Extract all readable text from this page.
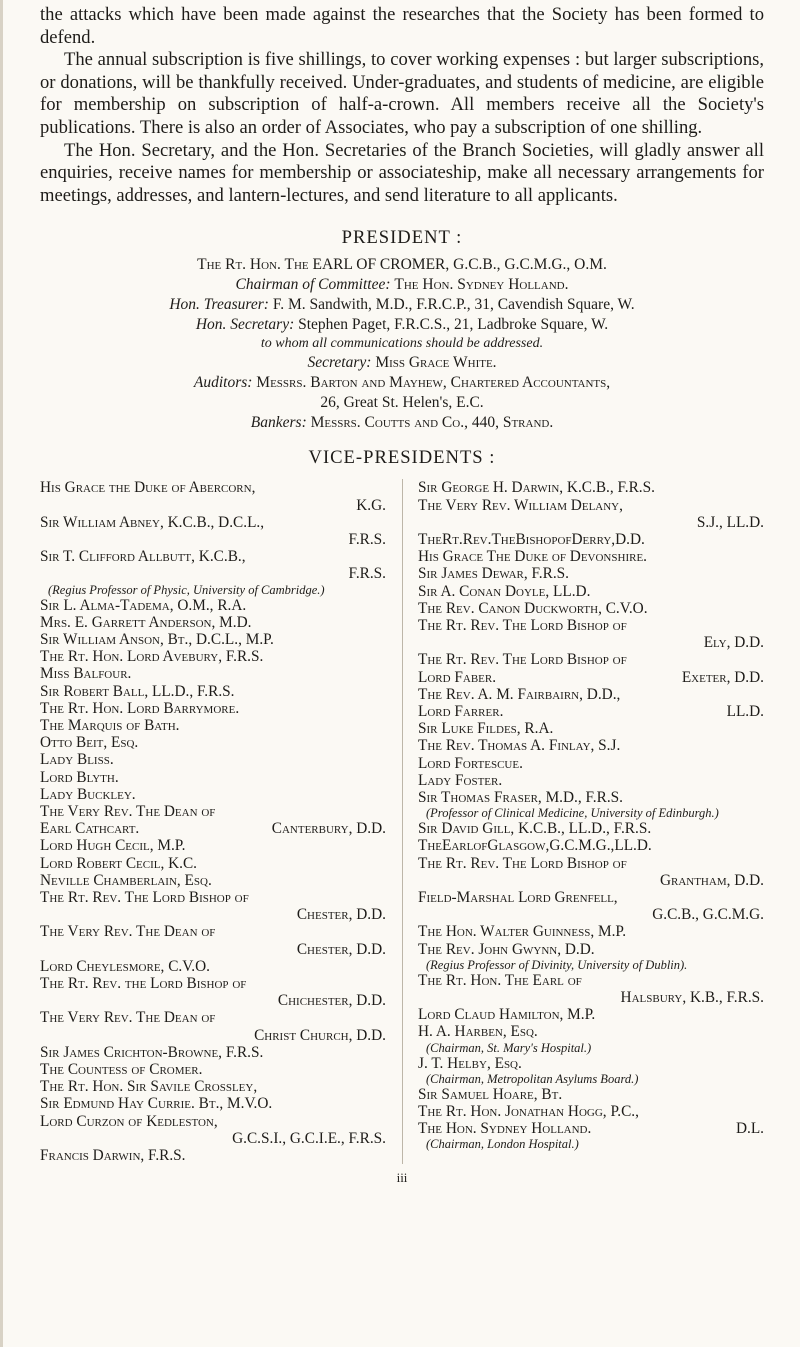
the attacks which have been made against the researches that the Society has been formed to defend.

The annual subscription is five shillings, to cover working expenses : but larger subscriptions, or donations, will be thankfully received. Under-graduates, and students of medicine, are eligible for membership on subscription of half-a-crown. All members receive all the Society's publications. There is also an order of Associates, who pay a subscription of one shilling.

The Hon. Secretary, and the Hon. Secretaries of the Branch Societies, will gladly answer all enquiries, receive names for membership or associateship, make all necessary arrangements for meetings, addresses, and lantern-lectures, and send literature to all applicants.

PRESIDENT :
The Rt. Hon. The EARL OF CROMER, G.C.B., G.C.M.G., O.M.
Chairman of Committee: The Hon. Sydney Holland.
Hon. Treasurer: F. M. Sandwith, M.D., F.R.C.P., 31, Cavendish Square, W.
Hon. Secretary: Stephen Paget, F.R.C.S., 21, Ladbroke Square, W.
to whom all communications should be addressed.
Secretary: Miss Grace White.
Auditors: Messrs. Barton and Mayhew, Chartered Accountants,
26, Great St. Helen's, E.C.
Bankers: Messrs. Coutts and Co., 440, Strand.
VICE-PRESIDENTS :
His Grace the Duke of Abercorn,
K.G.
Sir William Abney, K.C.B., D.C.L.,
F.R.S.
Sir T. Clifford Allbutt, K.C.B.,
F.R.S.
(Regius Professor of Physic, University of Cambridge.)
Sir L. Alma-Tadema, O.M., R.A.
Mrs. E. Garrett Anderson, M.D.
Sir William Anson, Bt., D.C.L., M.P.
The Rt. Hon. Lord Avebury, F.R.S.
Miss Balfour.
Sir Robert Ball, LL.D., F.R.S.
The Rt. Hon. Lord Barrymore.
The Marquis of Bath.
Otto Beit, Esq.
Lady Bliss.
Lord Blyth.
Lady Buckley.
The Very Rev. The Dean of
Earl Cathcart.	Canterbury, D.D.
Lord Hugh Cecil, M.P.
Lord Robert Cecil, K.C.
Neville Chamberlain, Esq.
The Rt. Rev. The Lord Bishop of
Chester, D.D.
The Very Rev. The Dean of
Chester, D.D.
Lord Cheylesmore, C.V.O.
The Rt. Rev. the Lord Bishop of
Chichester, D.D.
The Very Rev. The Dean of
Christ Church, D.D.
Sir James Crichton-Browne, F.R.S.
The Countess of Cromer.
The Rt. Hon. Sir Savile Crossley,
Sir Edmund Hay Currie. Bt., M.V.O.
Lord Curzon of Kedleston,
G.C.S.I., G.C.I.E., F.R.S.
Francis Darwin, F.R.S.
Sir George H. Darwin, K.C.B., F.R.S.
The Very Rev. William Delany,
S.J., LL.D.
TheRt.Rev.TheBishopofDerry,D.D.
His Grace The Duke of Devonshire.
Sir James Dewar, F.R.S.
Sir A. Conan Doyle, LL.D.
The Rev. Canon Duckworth, C.V.O.
The Rt. Rev. The Lord Bishop of
Ely, D.D.
The Rt. Rev. The Lord Bishop of
Lord Faber.	Exeter, D.D.
The Rev. A. M. Fairbairn, D.D.,
Lord Farrer.	LL.D.
Sir Luke Fildes, R.A.
The Rev. Thomas A. Finlay, S.J.
Lord Fortescue.
Lady Foster.
Sir Thomas Fraser, M.D., F.R.S.
(Professor of Clinical Medicine, University of Edinburgh.)
Sir David Gill, K.C.B., LL.D., F.R.S.
TheEarlofGlasgow,G.C.M.G.,LL.D.
The Rt. Rev. The Lord Bishop of
Grantham, D.D.
Field-Marshal Lord Grenfell,
G.C.B., G.C.M.G.
The Hon. Walter Guinness, M.P.
The Rev. John Gwynn, D.D.
(Regius Professor of Divinity, University of Dublin).
The Rt. Hon. The Earl of
Halsbury, K.B., F.R.S.
Lord Claud Hamilton, M.P.
H. A. Harben, Esq.
(Chairman, St. Mary's Hospital.)
J. T. Helby, Esq.
(Chairman, Metropolitan Asylums Board.)
Sir Samuel Hoare, Bt.
The Rt. Hon. Jonathan Hogg, P.C.,
The Hon. Sydney Holland.	D.L.
(Chairman, London Hospital.)
iii
